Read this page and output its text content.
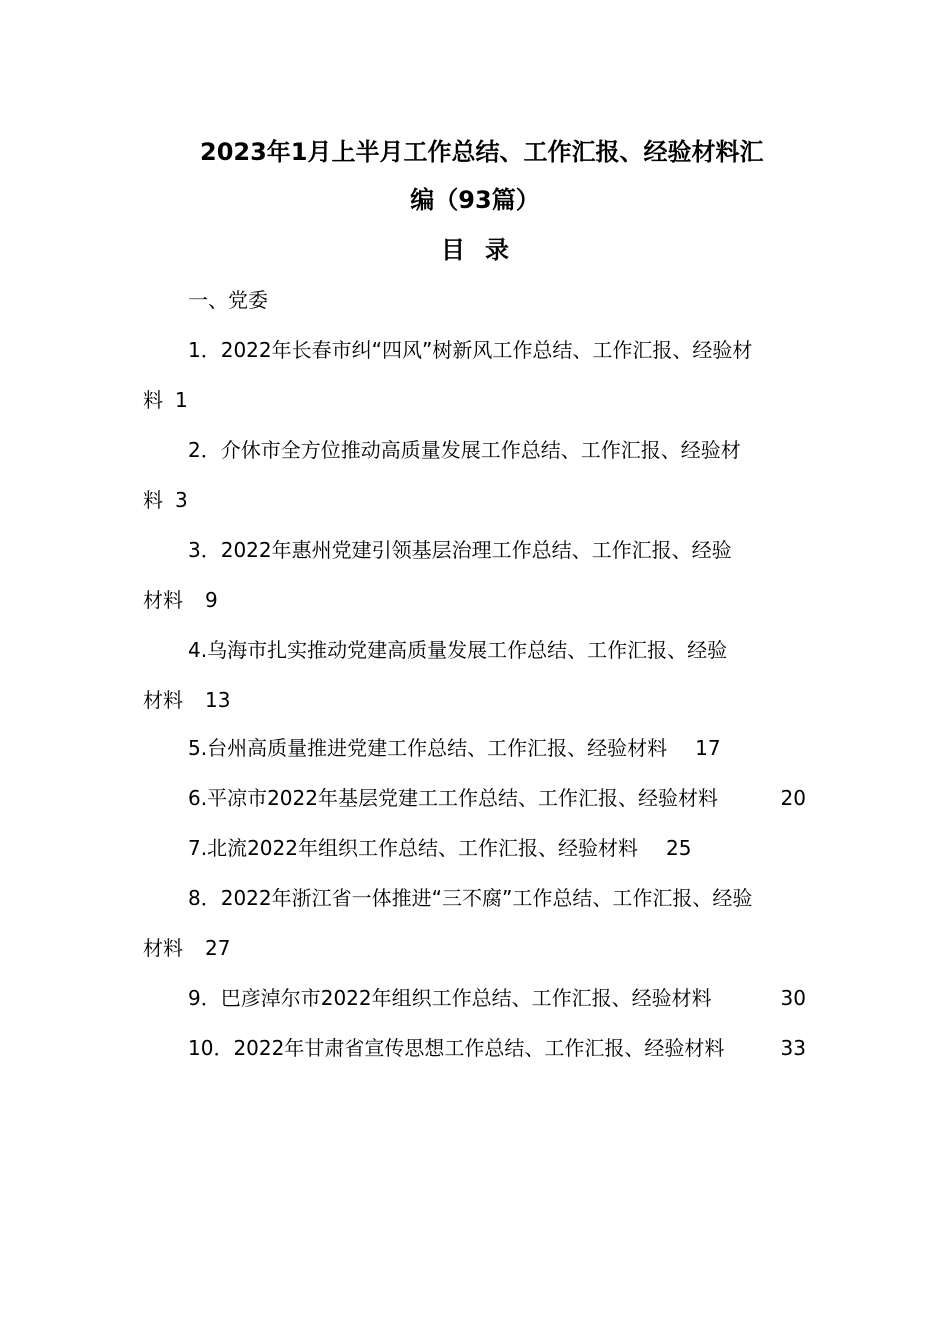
2023年1月上半月工作总结、工作汇报、经验材料汇
编（93篇）
目录
一、党委
1．2022年长春市纠“四风”树新风工作总结、工作汇报、经验材
料 1
2．介休市全方位推动高质量发展工作总结、工作汇报、经验材
料 3
3．2022年惠州党建引领基层治理工作总结、工作汇报、经验
材料 9
4.乌海市扎实推动党建高质量发展工作总结、工作汇报、经验
材料 13
5.台州高质量推进党建工作总结、工作汇报、经验材料 17
6.平凉市2022年基层党建工工作总结、工作汇报、经验材料	20
7.北流2022年组织工作总结、工作汇报、经验材料 25
8．2022年浙江省一体推进“三不腐”工作总结、工作汇报、经验
材料 27
9．巴彦淖尔市2022年组织工作总结、工作汇报、经验材料	30
10．2022年甘肃省宣传思想工作总结、工作汇报、经验材料	33
